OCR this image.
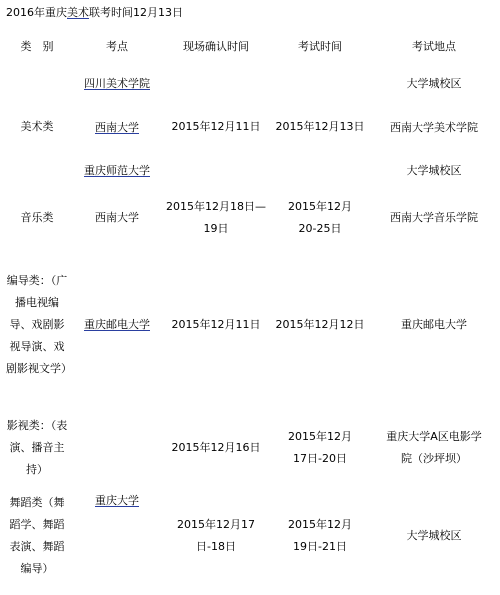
2016年重庆美术联考时间12月13日
类　别	考点	现场确认时间	考试时间	考试地点

美术类	四川美术学院	2015年12月11日	2015年12月13日	大学城校区

	西南大学			西南大学美术学院

	重庆师范大学			大学城校区

音乐类	西南大学	2015年12月18日—19日	2015年12月20-25日	西南大学音乐学院

编导类：（广播电视编导、戏剧影视导演、戏剧影视文学）	重庆邮电大学	2015年12月11日	2015年12月12日	重庆邮电大学

影视类：（表演、播音主持）		2015年12月16日	2015年12月17日-20日	重庆大学A区电影学院（沙坪坝）

舞蹈类（舞蹈学、舞蹈表演、舞蹈编导）	重庆大学	2015年12月17日-18日	2015年12月19日-21日	大学城校区
